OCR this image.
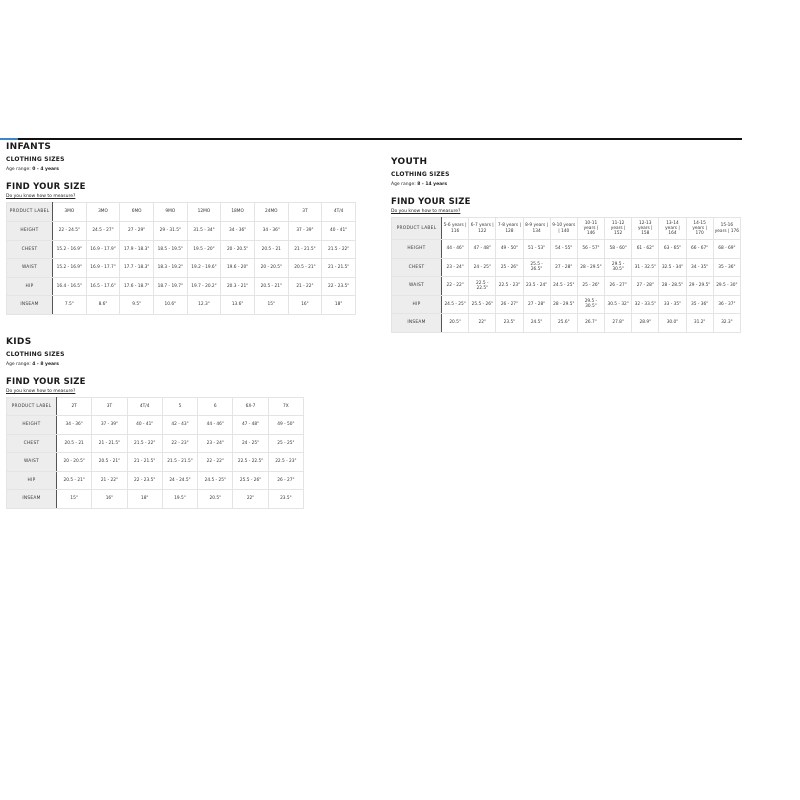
INFANTS

CLOTHING SIZES

Age range: 0 - 4 years

FIND YOUR SIZE

Do you know how to measure?

PRODUCT LABEL	3MO	3MO	6MO	9MO	12MO	18MO	24MO	3T	4T/4
HEIGHT	22 - 24.5"	24.5 - 27"	27 - 29"	29 - 31.5"	31.5 - 34"	34 - 36"	34 - 36"	37 - 39"	40 - 41"
CHEST	15.2 - 16.9"	16.9 - 17.9"	17.9 - 18.3"	18.5 - 19.5"	19.5 - 20"	20 - 20.5"	20.5 - 21	21 - 21.5"	21.5 - 22"
WAIST	15.2 - 16.9"	16.9 - 17.7"	17.7 - 18.3"	18.3 - 19.2"	19.2 - 19.6"	19.6 - 20"	20 - 20.5"	20.5 - 21"	21 - 21.5"
HIP	16.4 - 16.5"	16.5 - 17.6"	17.6 - 18.7"	18.7 - 19.7"	19.7 - 20.2"	20.3 - 21"	20.5 - 21"	21 - 22"	22 - 23.5"
INSEAM	7.5"	8.6"	9.5"	10.6"	12.3"	13.6"	15"	16"	18"

KIDS

CLOTHING SIZES

Age range: 4 - 8 years

FIND YOUR SIZE

Do you know how to measure?

PRODUCT LABEL	2T	3T	4T/4	5	6	6X-7	7X
HEIGHT	34 - 36"	37 - 39"	40 - 41"	42 - 43"	44 - 46"	47 - 48"	49 - 50"
CHEST	20.5 - 21	21 - 21.5"	21.5 - 22"	22 - 23"	23 - 24"	24 - 25"	25 - 25"
WAIST	20 - 20.5"	20.5 - 21"	21 - 21.5"	21.5 - 21.5"	22 - 22"	22.5 - 22.5"	22.5 - 23"
HIP	20.5 - 21"	21 - 22"	22 - 23.5"	24 - 24.5"	24.5 - 25"	25.5 - 26"	26 - 27"
INSEAM	15"	16"	18"	19.5"	20.5"	22"	23.5"

YOUTH

CLOTHING SIZES

Age range: 8 - 14 years

FIND YOUR SIZE

Do you know how to measure?

PRODUCT LABEL	5-6 years | 116	6-7 years | 122	7-8 years | 128	8-9 years | 134	9-10 years | 140	10-11 years | 146	11-12 years | 152	12-13 years | 158	13-14 years | 164	14-15 years | 170	15-16 years | 176
HEIGHT	44 - 46"	47 - 48"	49 - 50"	51 - 53"	54 - 55"	56 - 57"	58 - 60"	61 - 62"	63 - 65"	66 - 67"	68 - 69"
CHEST	23 - 24"	24 - 25"	25 - 26"	25.5 - 26.5"	27 - 28"	28 - 29.5"	29.5 - 30.5"	31 - 32.5"	32.5 - 34"	34 - 35"	35 - 36"
WAIST	22 - 22"	22.5 - 22.5"	22.5 - 23"	23.5 - 24"	24.5 - 25"	25 - 26"	26 - 27"	27 - 28"	28 - 28.5"	29 - 29.5"	29.5 - 30"
HIP	24.5 - 25"	25.5 - 26"	26 - 27"	27 - 28"	28 - 29.5"	29.5 - 30.5"	30.5 - 32"	32 - 33.5"	33 - 35"	35 - 36"	36 - 37"
INSEAM	20.5"	22"	23.5"	24.5"	25.6"	26.7"	27.8"	28.9"	30.0"	31.2"	32.3"
